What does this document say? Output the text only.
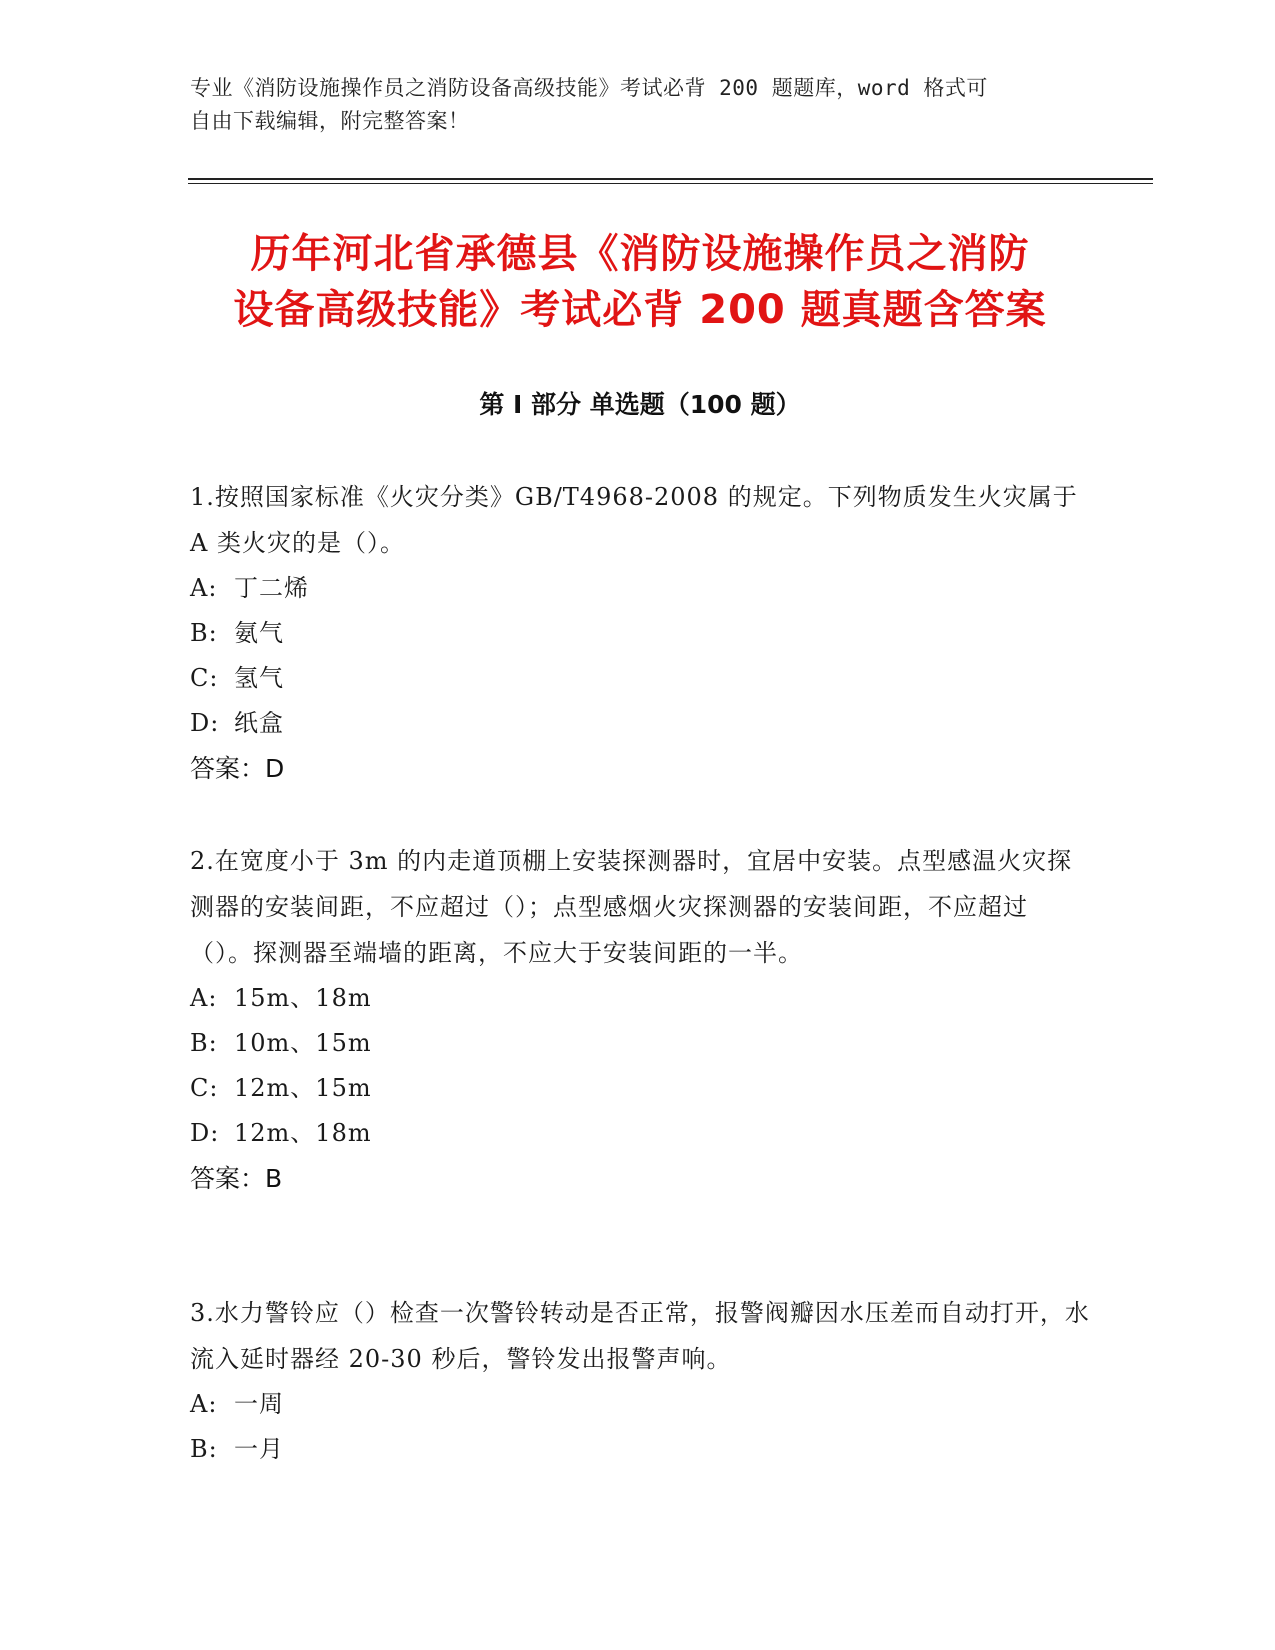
专业《消防设施操作员之消防设备高级技能》考试必背 200 题题库，word 格式可
自由下载编辑，附完整答案！
历年河北省承德县《消防设施操作员之消防
设备高级技能》考试必背 200 题真题含答案
第 I 部分 单选题（100 题）

1.按照国家标准《火灾分类》GB/T4968-2008 的规定。下列物质发生火灾属于 A 类火灾的是（）。

A: 丁二烯

B: 氨气

C: 氢气

D: 纸盒

答案：D

2.在宽度小于 3m 的内走道顶棚上安装探测器时，宜居中安装。点型感温火灾探测器的安装间距，不应超过（）；点型感烟火灾探测器的安装间距，不应超过（）。探测器至端墙的距离，不应大于安装间距的一半。

A: 15m、18m

B: 10m、15m

C: 12m、15m

D: 12m、18m

答案：B

3.水力警铃应（）检查一次警铃转动是否正常，报警阀瓣因水压差而自动打开，水流入延时器经 20-30 秒后，警铃发出报警声响。

A: 一周

B: 一月
